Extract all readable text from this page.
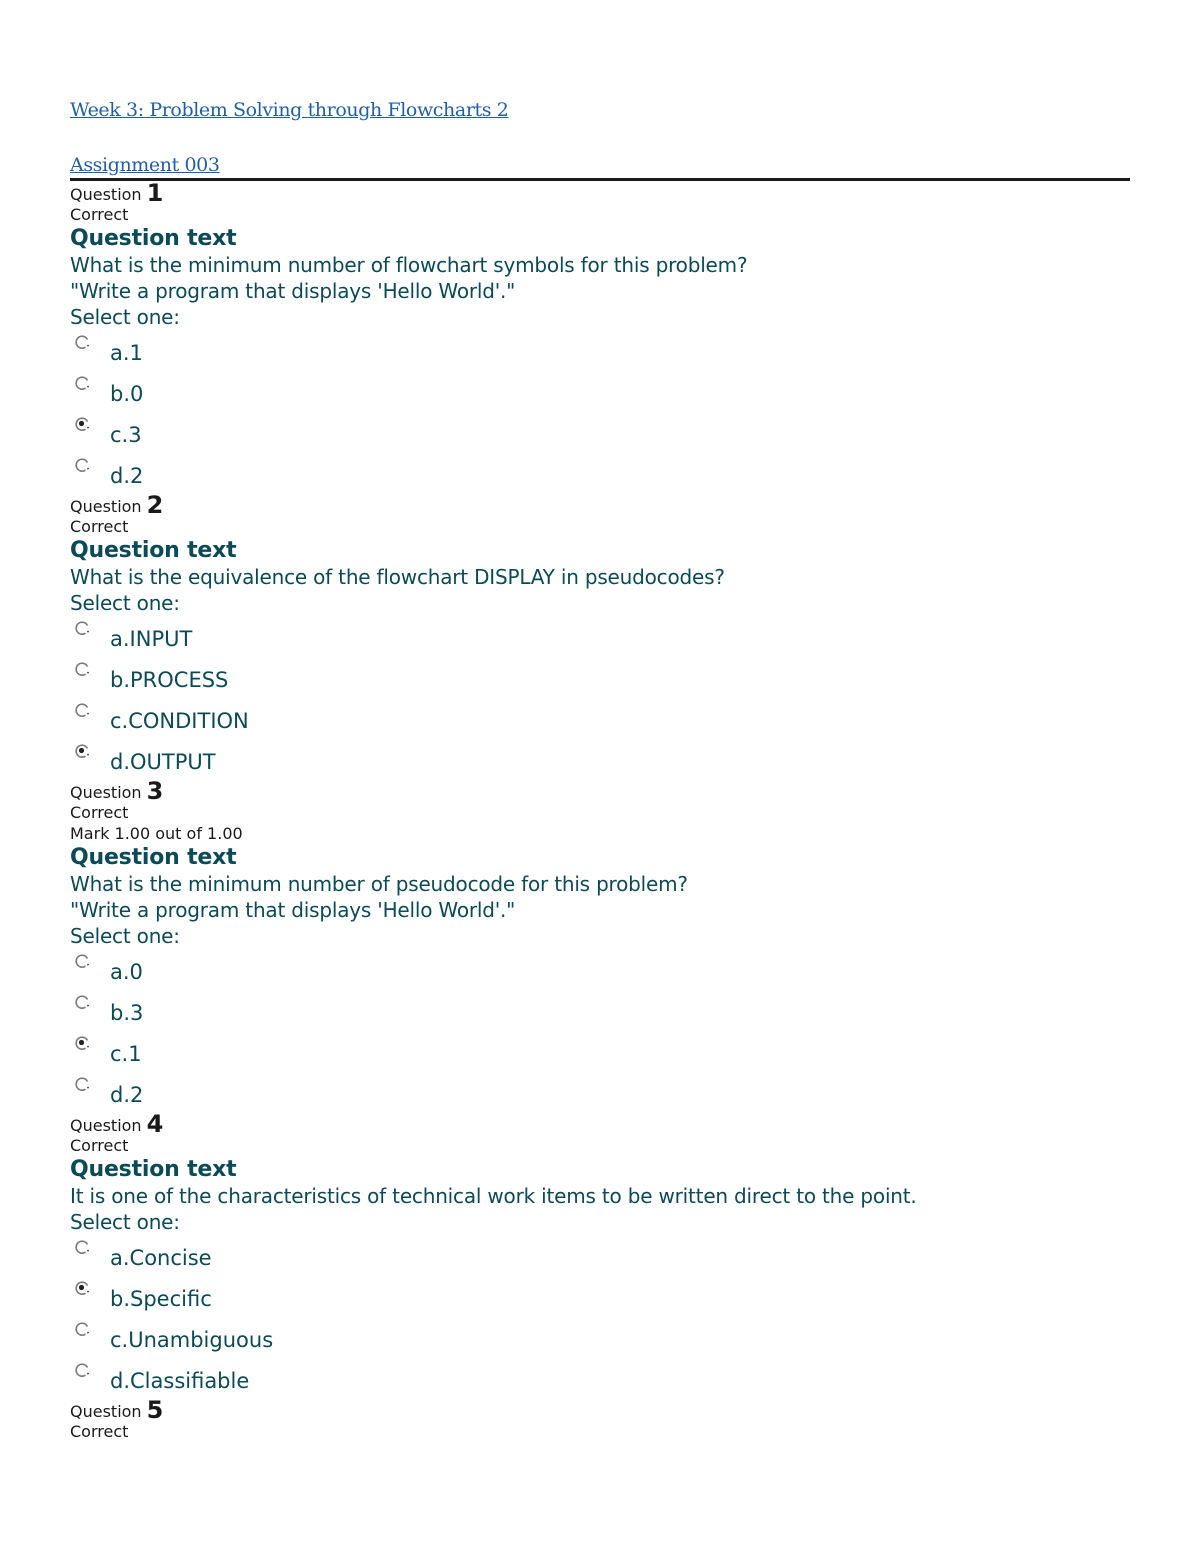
Week 3: Problem Solving through Flowcharts 2
Assignment 003
Question 1
Correct
Question text
What is the minimum number of flowchart symbols for this problem?
"Write a program that displays 'Hello World'."
Select one:
a.1
b.0
c.3
d.2
Question 2
Correct
Question text
What is the equivalence of the flowchart DISPLAY in pseudocodes?
Select one:
a.INPUT
b.PROCESS
c.CONDITION
d.OUTPUT
Question 3
Correct
Mark 1.00 out of 1.00
Question text
What is the minimum number of pseudocode for this problem?
"Write a program that displays 'Hello World'."
Select one:
a.0
b.3
c.1
d.2
Question 4
Correct
Question text
It is one of the characteristics of technical work items to be written direct to the point.
Select one:
a.Concise
b.Specific
c.Unambiguous
d.Classifiable
Question 5
Correct
